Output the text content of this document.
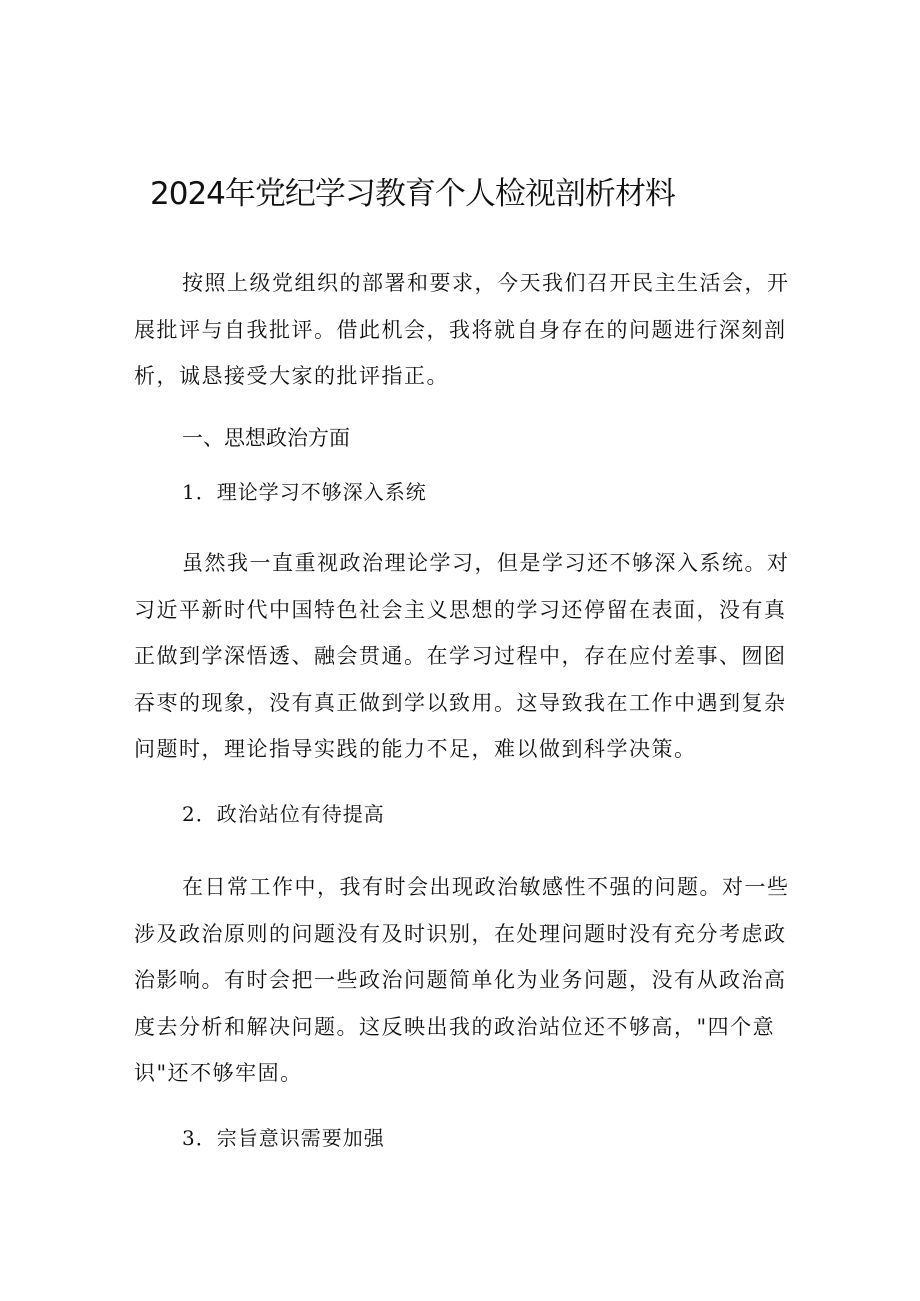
2024年党纪学习教育个人检视剖析材料

按照上级党组织的部署和要求，今天我们召开民主生活会，开展批评与自我批评。借此机会，我将就自身存在的问题进行深刻剖析，诚恳接受大家的批评指正。

一、思想政治方面

1．理论学习不够深入系统

虽然我一直重视政治理论学习，但是学习还不够深入系统。对习近平新时代中国特色社会主义思想的学习还停留在表面，没有真正做到学深悟透、融会贯通。在学习过程中，存在应付差事、囫囵吞枣的现象，没有真正做到学以致用。这导致我在工作中遇到复杂问题时，理论指导实践的能力不足，难以做到科学决策。

2．政治站位有待提高

在日常工作中，我有时会出现政治敏感性不强的问题。对一些涉及政治原则的问题没有及时识别，在处理问题时没有充分考虑政治影响。有时会把一些政治问题简单化为业务问题，没有从政治高度去分析和解决问题。这反映出我的政治站位还不够高，"四个意识"还不够牢固。

3．宗旨意识需要加强
